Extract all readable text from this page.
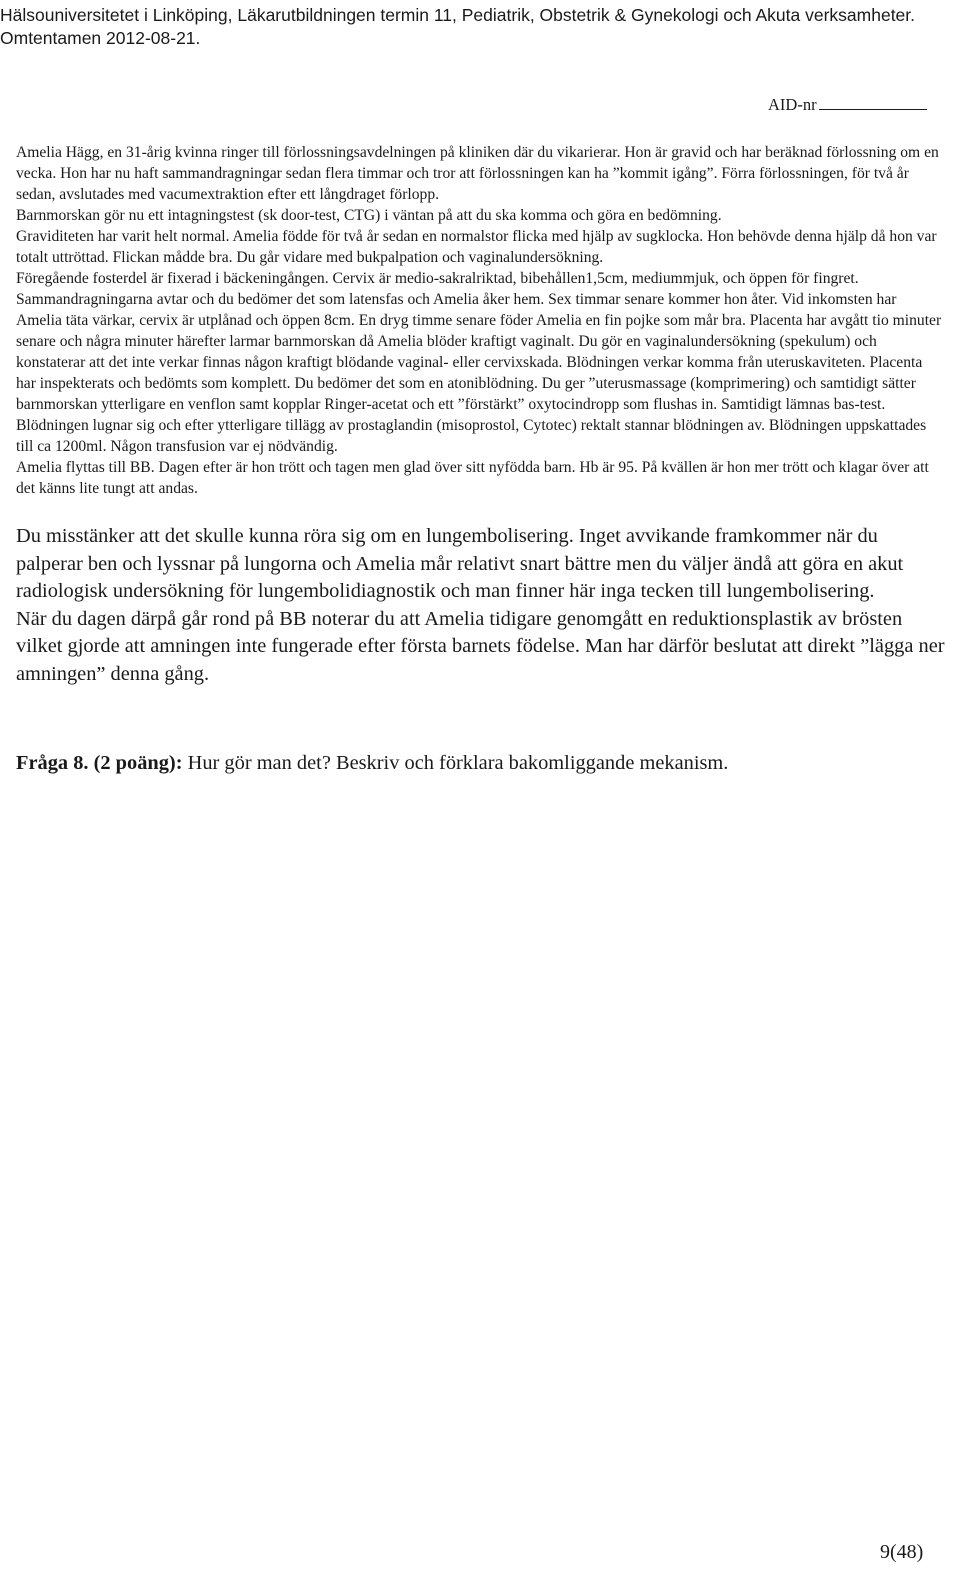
Hälsouniversitetet i Linköping, Läkarutbildningen termin 11, Pediatrik, Obstetrik & Gynekologi och Akuta verksamheter.
Omtentamen 2012-08-21.
AID-nr

Amelia Hägg, en 31-årig kvinna ringer till förlossningsavdelningen på kliniken där du vikarierar. Hon är gravid och har beräknad förlossning om en vecka. Hon har nu haft sammandragningar sedan flera timmar och tror att förlossningen kan ha ”kommit igång”. Förra förlossningen, för två år sedan, avslutades med vacumextraktion efter ett långdraget förlopp.

Barnmorskan gör nu ett intagningstest (sk door-test, CTG) i väntan på att du ska komma och göra en bedömning.

Graviditeten har varit helt normal. Amelia födde för två år sedan en normalstor flicka med hjälp av sugklocka. Hon behövde denna hjälp då hon var totalt uttröttad. Flickan mådde bra. Du går vidare med bukpalpation och vaginalundersökning.

Föregående fosterdel är fixerad i bäckeningången. Cervix är medio-sakralriktad, bibehållen1,5cm, mediummjuk, och öppen för fingret. Sammandragningarna avtar och du bedömer det som latensfas och Amelia åker hem. Sex timmar senare kommer hon åter. Vid inkomsten har Amelia täta värkar, cervix är utplånad och öppen 8cm. En dryg timme senare föder Amelia en fin pojke som mår bra. Placenta har avgått tio minuter senare och några minuter härefter larmar barnmorskan då Amelia blöder kraftigt vaginalt. Du gör en vaginalundersökning (spekulum) och konstaterar att det inte verkar finnas någon kraftigt blödande vaginal- eller cervixskada. Blödningen verkar komma från uteruskaviteten. Placenta har inspekterats och bedömts som komplett. Du bedömer det som en atoniblödning. Du ger ”uterusmassage (komprimering) och samtidigt sätter barnmorskan ytterligare en venflon samt kopplar Ringer-acetat och ett ”förstärkt” oxytocindropp som flushas in. Samtidigt lämnas bas-test. Blödningen lugnar sig och efter ytterligare tillägg av prostaglandin (misoprostol, Cytotec) rektalt stannar blödningen av. Blödningen uppskattades till ca 1200ml. Någon transfusion var ej nödvändig.

Amelia flyttas till BB. Dagen efter är hon trött och tagen men glad över sitt nyfödda barn. Hb är 95. På kvällen är hon mer trött och klagar över att det känns lite tungt att andas.

Du misstänker att det skulle kunna röra sig om en lungembolisering. Inget avvikande framkommer när du palperar ben och lyssnar på lungorna och Amelia mår relativt snart bättre men du väljer ändå att göra en akut radiologisk undersökning för lungembolidiagnostik och man finner här inga tecken till lungembolisering.

När du dagen därpå går rond på BB noterar du att Amelia tidigare genomgått en reduktionsplastik av brösten vilket gjorde att amningen inte fungerade efter första barnets födelse. Man har därför beslutat att direkt ”lägga ner amningen” denna gång.

Fråga 8. (2 poäng): Hur gör man det? Beskriv och förklara bakomliggande mekanism.
9(48)
